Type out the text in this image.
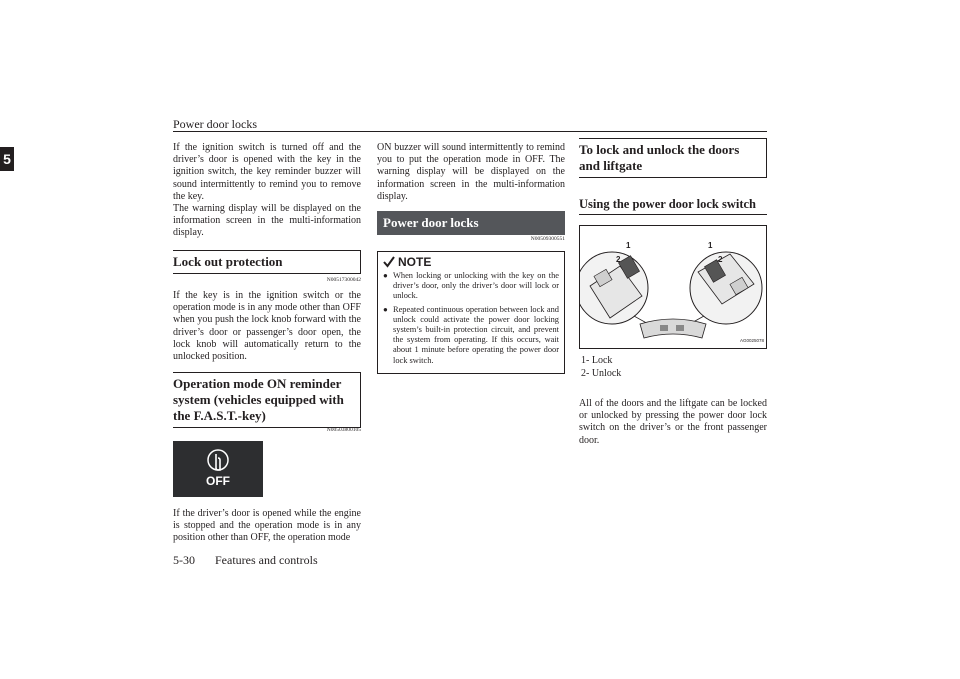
Power door locks
5
If the ignition switch is turned off and the driver’s door is opened with the key in the ignition switch, the key reminder buzzer will sound intermittently to remind you to remove the key.
The warning display will be displayed on the information screen in the multi-information display.
Lock out protection
N00517300042
If the key is in the ignition switch or the operation mode is in any mode other than OFF when you push the lock knob forward with the driver’s door or passenger’s door open, the lock knob will automatically return to the unlocked position.
Operation mode ON reminder system (vehicles equipped with the F.A.S.T.-key)
N00503800105
OFF
If the driver’s door is opened while the engine is stopped and the operation mode is in any position other than OFF, the operation mode
ON buzzer will sound intermittently to remind you to put the operation mode in OFF. The warning display will be displayed on the information screen in the multi-information display.
Power door locks
N00509300551
NOTE
● When locking or unlocking with the key on the driver’s door, only the driver’s door will lock or unlock.
● Repeated continuous operation between lock and unlock could activate the power door locking system’s built-in protection circuit, and prevent the system from operating. If this occurs, wait about 1 minute before operating the power door lock switch.
To lock and unlock the doors and liftgate
Using the power door lock switch
1
2
1
2
AG0025078
1- Lock
2- Unlock
All of the doors and the liftgate can be locked or unlocked by pressing the power door lock switch on the driver’s or the front passenger door.
5-30 Features and controls
